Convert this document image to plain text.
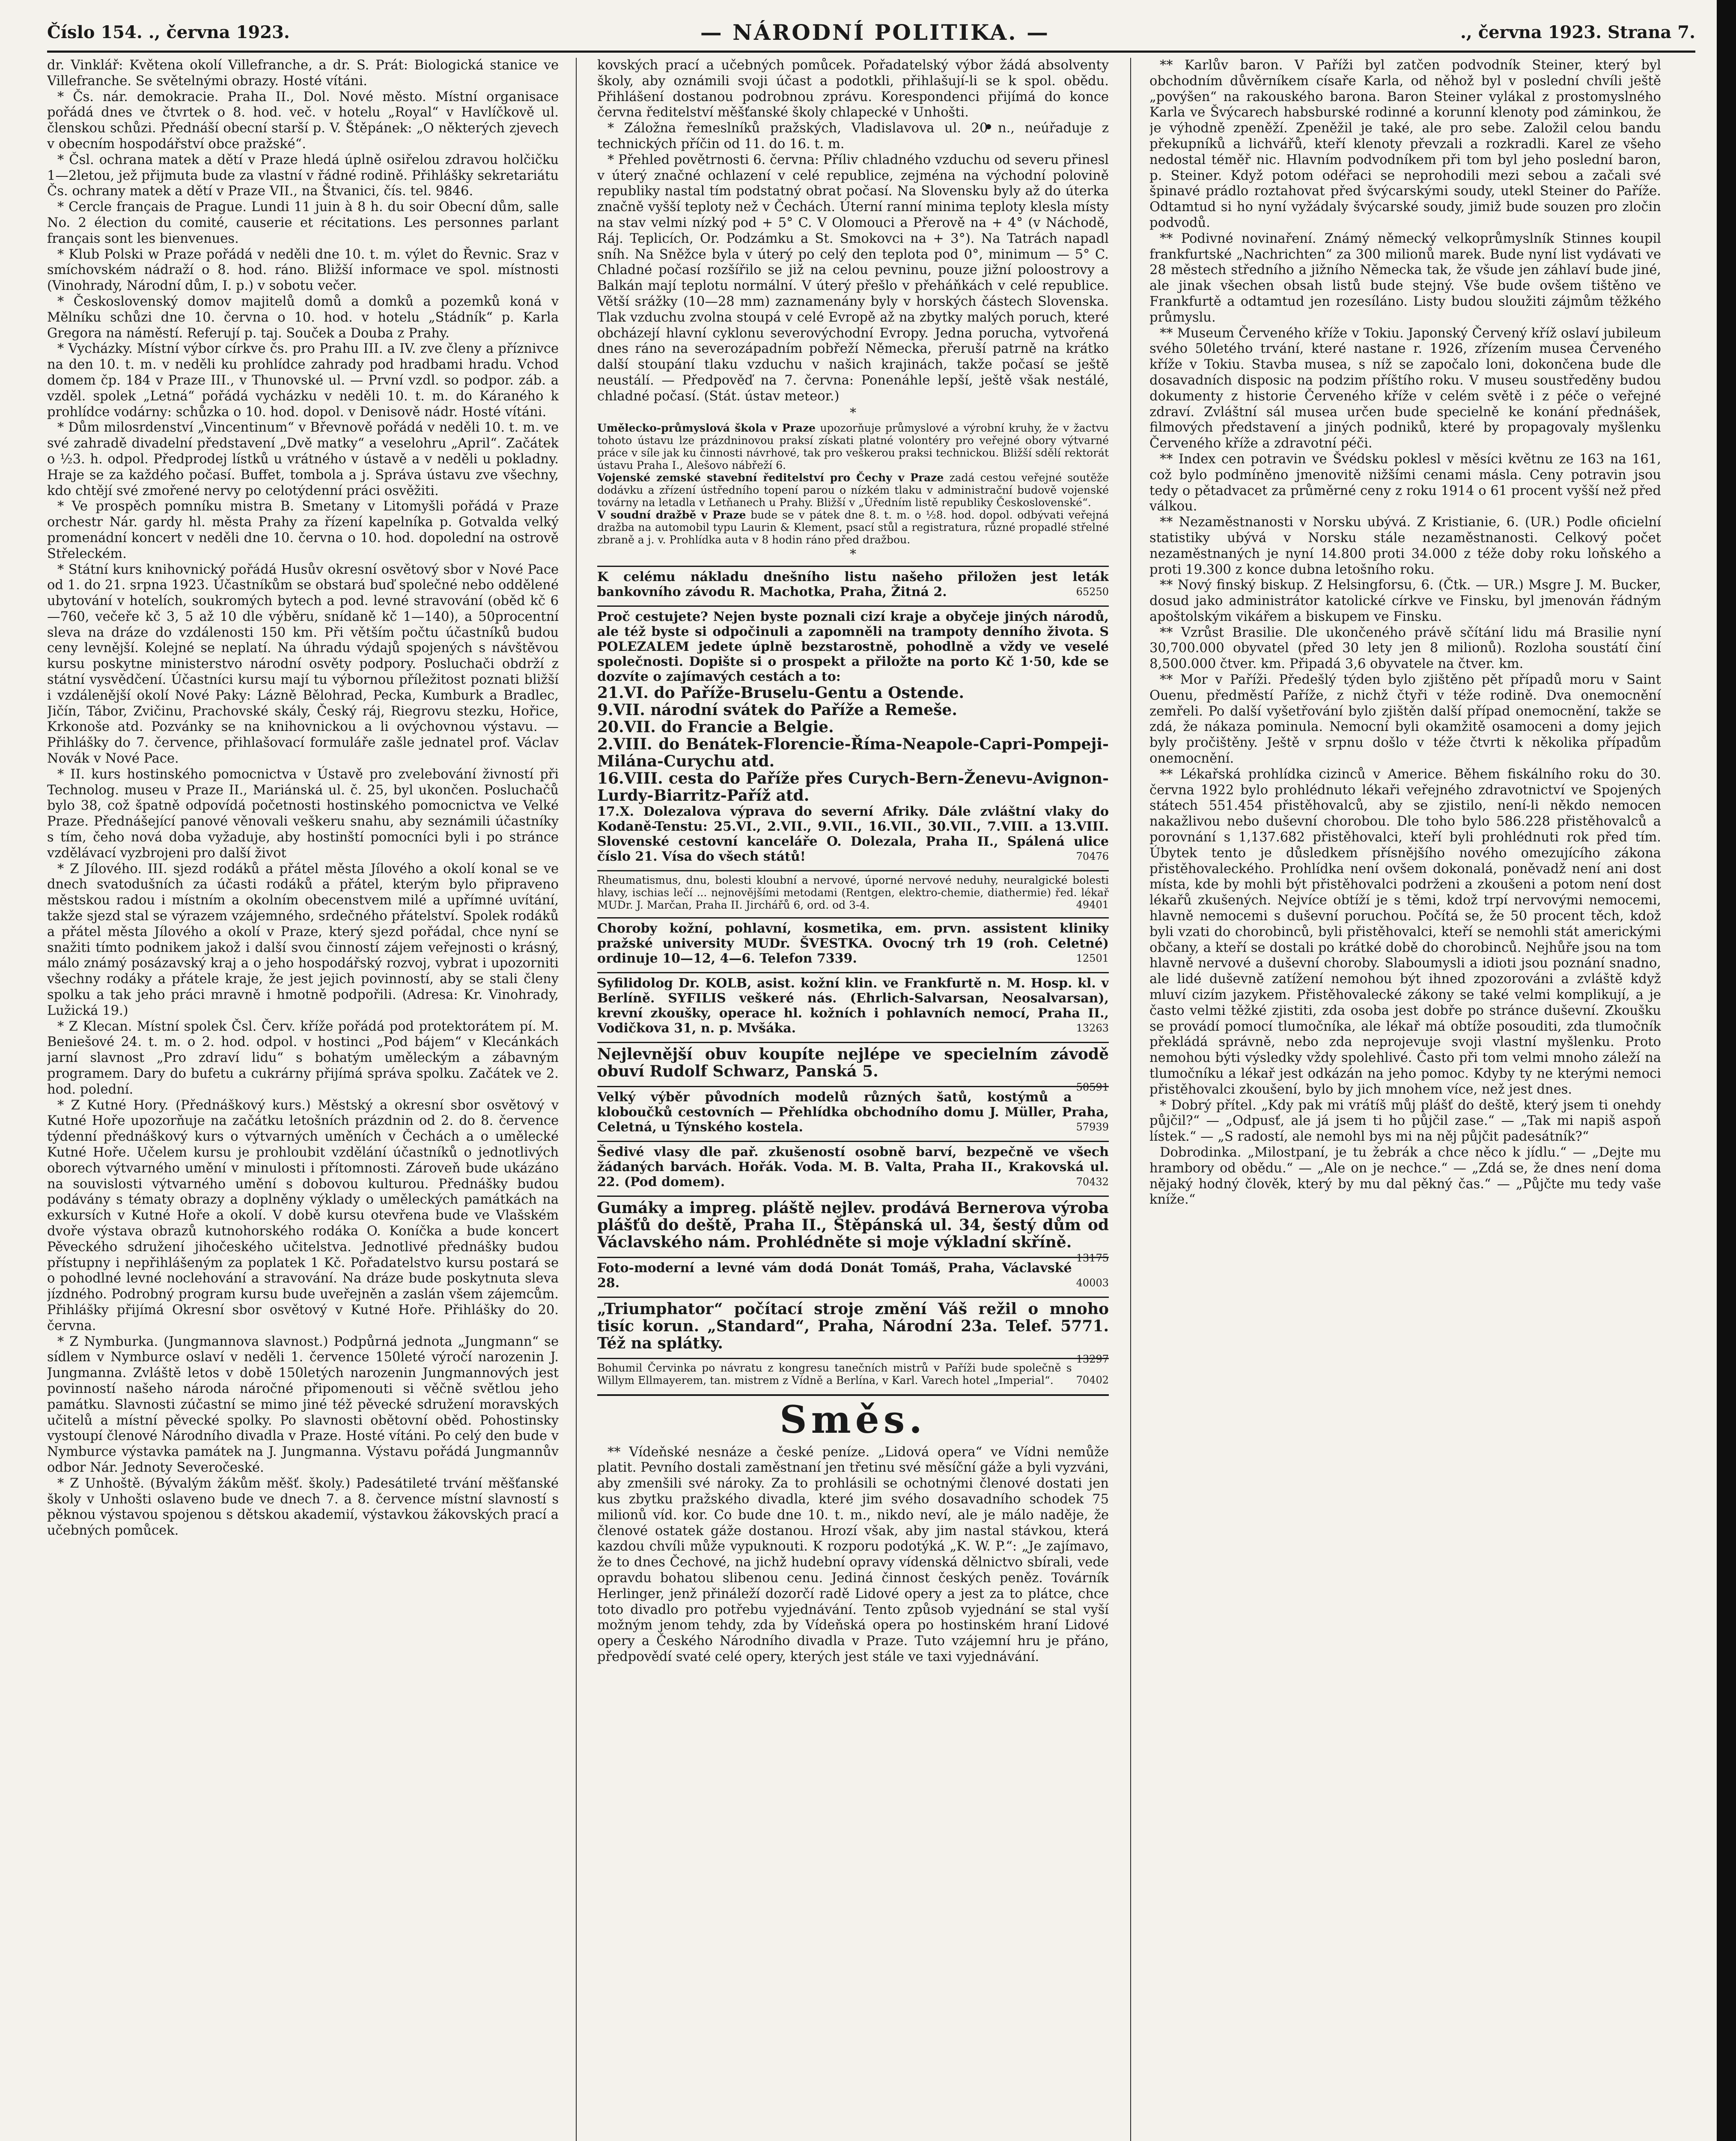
Číslo 154. ., června 1923.	— NÁRODNÍ POLITIKA. —	., června 1923. Strana 7.

dr. Vinklář: Květena okolí Villefranche, a dr. S. Prát: Biologická stanice ve Villefranche. Se světelnými obrazy. Hosté vítáni.

* Čs. nár. demokracie. Praha II., Dol. Nové město. Místní organisace pořádá dnes ve čtvrtek o 8. hod. več. v hotelu „Royal“ v Havlíčkově ul. členskou schůzi. Přednáší obecní starší p. V. Štěpánek: „O některých zjevech v obecním hospodářství obce pražské“.

* Čsl. ochrana matek a dětí v Praze hledá úplně osiřelou zdravou holčičku 1—2letou, jež přijmuta bude za vlastní v řádné rodině. Přihlášky sekretariátu Čs. ochrany matek a dětí v Praze VII., na Štvanici, čís. tel. 9846.

* Cercle français de Prague. Lundi 11 juin à 8 h. du soir Obecní dům, salle No. 2 élection du comité, causerie et récitations. Les personnes parlant français sont les bienvenues.

* Klub Polski w Praze pořádá v neděli dne 10. t. m. výlet do Řevnic. Sraz v smíchovském nádraží o 8. hod. ráno. Bližší informace ve spol. místnosti (Vinohrady, Národní dům, I. p.) v sobotu večer.

* Československý domov majitelů domů a domků a pozemků koná v Mělníku schůzi dne 10. června o 10. hod. v hotelu „Stádník“ p. Karla Gregora na náměstí. Referují p. taj. Souček a Douba z Prahy.

* Vycházky. Místní výbor církve čs. pro Prahu III. a IV. zve členy a příznivce na den 10. t. m. v neděli ku prohlídce zahrady pod hradbami hradu. Vchod domem čp. 184 v Praze III., v Thunovské ul. — První vzdl. so podpor. záb. a vzděl. spolek „Letná“ pořádá vycházku v neděli 10. t. m. do Káraného k prohlídce vodárny: schůzka o 10. hod. dopol. v Denisově nádr. Hosté vítáni.

* Dům milosrdenství „Vincentinum“ v Břevnově pořádá v neděli 10. t. m. ve své zahradě divadelní představení „Dvě matky“ a veselohru „April“. Začátek o ½3. h. odpol. Předprodej lístků u vrátného v ústavě a v neděli u pokladny. Hraje se za každého počasí. Buffet, tombola a j. Správa ústavu zve všechny, kdo chtějí své zmořené nervy po celotýdenní práci osvěžiti.

* Ve prospěch pomníku mistra B. Smetany v Litomyšli pořádá v Praze orchestr Nár. gardy hl. města Prahy za řízení kapelníka p. Gotvalda velký promenádní koncert v neděli dne 10. června o 10. hod. dopolední na ostrově Střeleckém.

* Státní kurs knihovnický pořádá Husův okresní osvětový sbor v Nové Pace od 1. do 21. srpna 1923. Účastníkům se obstará buď společné nebo oddělené ubytování v hotelích, soukromých bytech a pod. levné stravování (oběd kč 6—760, večeře kč 3, 5 až 10 dle výběru, snídaně kč 1—140), a 50procentní sleva na dráze do vzdálenosti 150 km. Při větším počtu účastníků budou ceny levnější. Kolejné se neplatí. Na úhradu výdajů spojených s návštěvou kursu poskytne ministerstvo národní osvěty podpory. Posluchači obdrží z státní vysvědčení. Účastníci kursu mají tu výbornou příležitost poznati bližší i vzdálenější okolí Nové Paky: Lázně Bělohrad, Pecka, Kumburk a Bradlec, Jičín, Tábor, Zvičinu, Prachovské skály, Český ráj, Riegrovu stezku, Hořice, Krkonoše atd. Pozvánky se na knihovnickou a li ovýchovnou výstavu. — Přihlášky do 7. července, přihlašovací formuláře zašle jednatel prof. Václav Novák v Nové Pace.

* II. kurs hostinského pomocnictva v Ústavě pro zvelebování živností při Technolog. museu v Praze II., Mariánská ul. č. 25, byl ukončen. Posluchačů bylo 38, což špatně odpovídá početnosti hostinského pomocnictva ve Velké Praze. Přednášející panové věnovali veškeru snahu, aby seznámili účastníky s tím, čeho nová doba vyžaduje, aby hostinští pomocníci byli i po stránce vzdělávací vyzbrojeni pro další život

* Z Jílového. III. sjezd rodáků a přátel města Jílového a okolí konal se ve dnech svatodušních za účasti rodáků a přátel, kterým bylo připraveno městskou radou i místním a okolním obecenstvem milé a upřímné uvítání, takže sjezd stal se výrazem vzájemného, srdečného přátelství. Spolek rodáků a přátel města Jílového a okolí v Praze, který sjezd pořádal, chce nyní se snažiti tímto podnikem jakož i další svou činností zájem veřejnosti o krásný, málo známý posázavský kraj a o jeho hospodářský rozvoj, vybrat i upozorniti všechny rodáky a přátele kraje, že jest jejich povinností, aby se stali členy spolku a tak jeho práci mravně i hmotně podpořili. (Adresa: Kr. Vinohrady, Lužická 19.)

* Z Klecan. Místní spolek Čsl. Červ. kříže pořádá pod protektorátem pí. M. Beniešové 24. t. m. o 2. hod. odpol. v hostinci „Pod bájem“ v Klecánkách jarní slavnost „Pro zdraví lidu“ s bohatým uměleckým a zábavným programem. Dary do bufetu a cukrárny přijímá správa spolku. Začátek ve 2. hod. polední.

* Z Kutné Hory. (Přednáškový kurs.) Městský a okresní sbor osvětový v Kutné Hoře upozorňuje na začátku letošních prázdnin od 2. do 8. července týdenní přednáškový kurs o výtvarných uměních v Čechách a o umělecké Kutné Hoře. Učelem kursu je prohloubit vzdělání účastníků o jednotlivých oborech výtvarného umění v minulosti i přítomnosti. Zároveň bude ukázáno na souvislosti výtvarného umění s dobovou kulturou. Přednášky budou podávány s tématy obrazy a doplněny výklady o uměleckých památkách na exkursích v Kutné Hoře a okolí. V době kursu otevřena bude ve Vlašském dvoře výstava obrazů kutnohorského rodáka O. Koníčka a bude koncert Pěveckého sdružení jihočeského učitelstva. Jednotlivé přednášky budou přístupny i nepřihlášeným za poplatek 1 Kč. Pořadatelstvo kursu postará se o pohodlné levné noclehování a stravování. Na dráze bude poskytnuta sleva jízdného. Podrobný program kursu bude uveřejněn a zaslán všem zájemcům. Přihlášky přijímá Okresní sbor osvětový v Kutné Hoře. Přihlášky do 20. června.

* Z Nymburka. (Jungmannova slavnost.) Podpůrná jednota „Jungmann“ se sídlem v Nymburce oslaví v neděli 1. července 150leté výročí narozenin J. Jungmanna. Zvláště letos v době 150letých narozenin Jungmannových jest povinností našeho národa náročné připomenouti si věčně světlou jeho památku. Slavnosti zúčastní se mimo jiné též pěvecké sdružení moravských učitelů a místní pěvecké spolky. Po slavnosti obětovní oběd. Pohostinsky vystoupí členové Národního divadla v Praze. Hosté vítáni. Po celý den bude v Nymburce výstavka památek na J. Jungmanna. Výstavu pořádá Jungmannův odbor Nár. Jednoty Severočeské.

* Z Unhoště. (Bývalým žákům měšť. školy.) Padesátileté trvání měšťanské školy v Unhošti oslaveno bude ve dnech 7. a 8. července místní slavností s pěknou výstavou spojenou s dětskou akademií, výstavkou žákovských prací a učebných pomůcek.

kovských prací a učebných pomůcek. Pořadatelský výbor žádá absolventy školy, aby oznámili svoji účast a podotkli, přihlašují-li se k spol. obědu. Přihlášení dostanou podrobnou zprávu. Korespondenci přijímá do konce června ředitelství měšťanské školy chlapecké v Unhošti.

* Záložna řemeslníků pražských, Vladislavova ul. 20 n., neúřaduje z technických příčin od 11. do 16. t. m.

* Přehled povětrnosti 6. června: Příliv chladného vzduchu od severu přinesl v úterý značné ochlazení v celé republice, zejména na východní polovině republiky nastal tím podstatný obrat počasí. Na Slovensku byly až do úterka značně vyšší teploty než v Čechách. Úterní ranní minima teploty klesla místy na stav velmi nízký pod + 5° C. V Olomouci a Přerově na + 4° (v Náchodě, Ráj. Teplicích, Or. Podzámku a St. Smokovci na + 3°). Na Tatrách napadl sníh. Na Sněžce byla v úterý po celý den teplota pod 0°, minimum — 5° C. Chladné počasí rozšířilo se již na celou pevninu, pouze jižní poloostrovy a Balkán mají teplotu normální. V úterý přešlo v přeháňkách v celé republice. Větší srážky (10—28 mm) zaznamenány byly v horských částech Slovenska. Tlak vzduchu zvolna stoupá v celé Evropě až na zbytky malých poruch, které obcházejí hlavní cyklonu severovýchodní Evropy. Jedna porucha, vytvořená dnes ráno na severozápadním pobřeží Německa, přeruší patrně na krátko další stoupání tlaku vzduchu v našich krajinách, takže počasí se ještě neustálí. — Předpověď na 7. června: Ponenáhle lepší, ještě však nestálé, chladné počasí. (Stát. ústav meteor.)

*
Umělecko-průmyslová škola v Praze upozorňuje průmyslové a výrobní kruhy, že v žactvu tohoto ústavu lze prázdninovou praksí získati platné volontéry pro veřejné obory výtvarné práce v síle jak ku činnosti návrhové, tak pro veškerou praksi technickou. Bližší sdělí rektorát ústavu Praha I., Alešovo nábřeží 6.
Vojenské zemské stavební ředitelství pro Čechy v Praze zadá cestou veřejné soutěže dodávku a zřízení ústředního topení parou o nízkém tlaku v administrační budově vojenské továrny na letadla v Letňanech u Prahy. Bližší v „Úředním listě republiky Československé“.
V soudní dražbě v Praze bude se v pátek dne 8. t. m. o ½8. hod. dopol. odbývati veřejná dražba na automobil typu Laurin & Klement, psací stůl a registratura, různé propadlé střelné zbraně a j. v. Prohlídka auta v 8 hodin ráno před dražbou.
*
K celému nákladu dnešního listu našeho přiložen jest leták bankovního závodu R. Machotka, Praha, Žitná 2.	65250
Proč cestujete? Nejen byste poznali cizí kraje a obyčeje jiných národů, ale též byste si odpočinuli a zapomněli na trampoty denního života. S POLEZALEM jedete úplně bezstarostně, pohodlně a vždy ve veselé společnosti. Dopište si o prospekt a přiložte na porto Kč 1·50, kde se dozvíte o zajímavých cestách a to:
21.VI. do Paříže-Bruselu-Gentu a Ostende.
9.VII. národní svátek do Paříže a Remeše.
20.VII. do Francie a Belgie.
2.VIII. do Benátek-Florencie-Říma-Neapole-Capri-Pompeji-Milána-Curychu atd.
16.VIII. cesta do Paříže přes Curych-Bern-Ženevu-Avignon-Lurdy-Biarritz-Paříž atd.
17.X. Dolezalova výprava do severní Afriky. Dále zvláštní vlaky do Kodaně-Tenstu: 25.VI., 2.VII., 9.VII., 16.VII., 30.VII., 7.VIII. a 13.VIII. Slovenské cestovní kanceláře O. Dolezala, Praha II., Spálená ulice číslo 21. Vísa do všech států!	70476
Rheumatismus, dnu, bolesti kloubní a nervové, úporné nervové neduhy, neuralgické bolesti hlavy, ischias lečí ... nejnovějšími metodami (Rentgen, elektro-chemie, diathermie) řed. lékař MUDr. J. Marčan, Praha II. Jirchářů 6, ord. od 3-4.	49401
Choroby kožní, pohlavní, kosmetika, em. prvn. assistent kliniky pražské university MUDr. ŠVESTKA. Ovocný trh 19 (roh. Celetné) ordinuje 10—12, 4—6. Telefon 7339.	12501
Syfilidolog Dr. KOLB, asist. kožní klin. ve Frankfurtě n. M. Hosp. kl. v Berlíně. SYFILIS veškeré nás. (Ehrlich-Salvarsan, Neosalvarsan), krevní zkoušky, operace hl. kožních i pohlavních nemocí, Praha II., Vodičkova 31, n. p. Mvšáka.	13263
Nejlevnější obuv koupíte nejlépe ve specielním závodě obuví Rudolf Schwarz, Panská 5.
50591
Velký výběr původních modelů různých šatů, kostýmů a kloboučků cestovních — Přehlídka obchodního domu J. Müller, Praha, Celetná, u Týnského kostela.	57939
Šedivé vlasy dle pař. zkušeností osobně barví, bezpečně ve všech žádaných barvách. Hořák. Voda. M. B. Valta, Praha II., Krakovská ul. 22. (Pod domem).	70432
Gumáky a impreg. pláště nejlev. prodává Bernerova výroba plášťů do deště, Praha II., Štěpánská ul. 34, šestý dům od Václavského nám. Prohlédněte si moje výkladní skříně.
13175
Foto-moderní a levné vám dodá Donát Tomáš, Praha, Václavské 28.	40003
„Triumphator“ počítací stroje změní Váš režil o mnoho tisíc korun. „Standard“, Praha, Národní 23a. Telef. 5771. Též na splátky.
13297
Bohumil Červinka po návratu z kongresu tanečních mistrů v Paříži bude společně s Willym Ellmayerem, tan. mistrem z Vídně a Berlína, v Karl. Varech hotel „Imperial“. 70402
Směs.

** Vídeňské nesnáze a české peníze. „Lidová opera“ ve Vídni nemůže platit. Pevního dostali zaměstnaní jen třetinu své měsíční gáže a byli vyzváni, aby zmenšili své nároky. Za to prohlásili se ochotnými členové dostati jen kus zbytku pražského divadla, které jim svého dosavadního schodek 75 milionů víd. kor. Co bude dne 10. t. m., nikdo neví, ale je málo naděje, že členové ostatek gáže dostanou. Hrozí však, aby jim nastal stávkou, která kazdou chvíli může vypuknouti. K rozporu podotýká „K. W. P.“: „Je zajímavo, že to dnes Čechové, na jichž hudební opravy vídenská dělnictvo sbírali, vede opravdu bohatou slibenou cenu. Jediná činnost českých peněz. Továrník Herlinger, jenž přináleží dozorčí radě Lidové opery a jest za to plátce, chce toto divadlo pro potřebu vyjednávání. Tento způsob vyjednání se stal vyší možným jenom tehdy, zda by Vídeňská opera po hostinském hraní Lidové opery a Českého Národního divadla v Praze. Tuto vzájemní hru je přáno, předpovědí svaté celé opery, kterých jest stále ve taxi vyjednávání.

** Karlův baron. V Paříži byl zatčen podvodník Steiner, který byl obchodním důvěrníkem císaře Karla, od něhož byl v poslední chvíli ještě „povýšen“ na rakouského barona. Baron Steiner vylákal z prostomyslného Karla ve Švýcarech habsburské rodinné a korunní klenoty pod záminkou, že je výhodně zpeněží. Zpeněžil je také, ale pro sebe. Založil celou bandu překupníků a lichvářů, kteří klenoty převzali a rozkradli. Karel ze všeho nedostal téměř nic. Hlavním podvodníkem při tom byl jeho poslední baron, p. Steiner. Když potom odéřaci se neprohodili mezi sebou a začali své špinavé prádlo roztahovat před švýcarskými soudy, utekl Steiner do Paříže. Odtamtud si ho nyní vyžádaly švýcarské soudy, jimiž bude souzen pro zločin podvodů.

** Podivné novinaření. Známý německý velkoprůmyslník Stinnes koupil frankfurtské „Nachrichten“ za 300 milionů marek. Bude nyní list vydávati ve 28 městech středního a jižního Německa tak, že všude jen záhlaví bude jiné, ale jinak všechen obsah listů bude stejný. Vše bude ovšem tištěno ve Frankfurtě a odtamtud jen rozesíláno. Listy budou sloužiti zájmům těžkého průmyslu.

** Museum Červeného kříže v Tokiu. Japonský Červený kříž oslaví jubileum svého 50letého trvání, které nastane r. 1926, zřízením musea Červeného kříže v Tokiu. Stavba musea, s níž se započalo loni, dokončena bude dle dosavadních disposic na podzim příštího roku. V museu soustředěny budou dokumenty z historie Červeného kříže v celém světě i z péče o veřejné zdraví. Zvláštní sál musea určen bude specielně ke konání přednášek, filmových představení a jiných podniků, které by propagovaly myšlenku Červeného kříže a zdravotní péči.

** Index cen potravin ve Švédsku poklesl v měsíci květnu ze 163 na 161, což bylo podmíněno jmenovitě nižšími cenami másla. Ceny potravin jsou tedy o pětadvacet za průměrné ceny z roku 1914 o 61 procent vyšší než před válkou.

** Nezaměstnanosti v Norsku ubývá. Z Kristianie, 6. (UR.) Podle oficielní statistiky ubývá v Norsku stále nezaměstnanosti. Celkový počet nezaměstnaných je nyní 14.800 proti 34.000 z téže doby roku loňského a proti 19.300 z konce dubna letošního roku.

** Nový finský biskup. Z Helsingforsu, 6. (Čtk. — UR.) Msgre J. M. Bucker, dosud jako administrátor katolické církve ve Finsku, byl jmenován řádným apoštolským vikářem a biskupem ve Finsku.

** Vzrůst Brasilie. Dle ukončeného právě sčítání lidu má Brasilie nyní 30,700.000 obyvatel (před 30 lety jen 8 milionů). Rozloha soustátí činí 8,500.000 čtver. km. Připadá 3,6 obyvatele na čtver. km.

** Mor v Paříži. Předešlý týden bylo zjištěno pět případů moru v Saint Ouenu, předměstí Paříže, z nichž čtyři v téže rodině. Dva onemocnění zemřeli. Po další vyšetřování bylo zjištěn další případ onemocnění, takže se zdá, že nákaza pominula. Nemocní byli okamžitě osamoceni a domy jejich byly pročištěny. Ještě v srpnu došlo v téže čtvrti k několika případům onemocnění.

** Lékařská prohlídka cizinců v Americe. Během fiskálního roku do 30. června 1922 bylo prohlédnuto lékaři veřejného zdravotnictví ve Spojených státech 551.454 přistěhovalců, aby se zjistilo, není-li někdo nemocen nakažlivou nebo duševní chorobou. Dle toho bylo 586.228 přistěhovalců a porovnání s 1,137.682 přistěhovalci, kteří byli prohlédnuti rok před tím. Úbytek tento je důsledkem přísnějšího nového omezujícího zákona přistěhovaleckého. Prohlídka není ovšem dokonalá, poněvadž není ani dost místa, kde by mohli být přistěhovalci podrženi a zkoušeni a potom není dost lékařů zkušených. Nejvíce obtíží je s těmi, kdož trpí nervovými nemocemi, hlavně nemocemi s duševní poruchou. Počítá se, že 50 procent těch, kdož byli vzati do chorobinců, byli přistěhovalci, kteří se nemohli stát americkými občany, a kteří se dostali po krátké době do chorobinců. Nejhůře jsou na tom hlavně nervové a duševní choroby. Slaboumysli a idioti jsou poznání snadno, ale lidé duševně zatížení nemohou být ihned zpozorováni a zvláště když mluví cizím jazykem. Přistěhovalecké zákony se také velmi komplikují, a je často velmi těžké zjistiti, zda osoba jest dobře po stránce duševní. Zkoušku se provádí pomocí tlumočníka, ale lékař má obtíže posouditi, zda tlumočník překládá správně, nebo zda neprojevuje svoji vlastní myšlenku. Proto nemohou býti výsledky vždy spolehlivé. Často při tom velmi mnoho záleží na tlumočníku a lékař jest odkázán na jeho pomoc. Kdyby ty ne kterými nemoci přistěhovalci zkoušení, bylo by jich mnohem více, než jest dnes.

* Dobrý přítel. „Kdy pak mi vrátíš můj plášť do deště, který jsem ti onehdy půjčil?“ — „Odpusť, ale já jsem ti ho půjčil zase.“ — „Tak mi napiš aspoň lístek.“ — „S radostí, ale nemohl bys mi na něj půjčit padesátník?“

Dobrodinka. „Milostpaní, je tu žebrák a chce něco k jídlu.“ — „Dejte mu hrambory od obědu.“ — „Ale on je nechce.“ — „Zdá se, že dnes není doma nějaký hodný člověk, který by mu dal pěkný čas.“ — „Půjčte mu tedy vaše kníže.“
